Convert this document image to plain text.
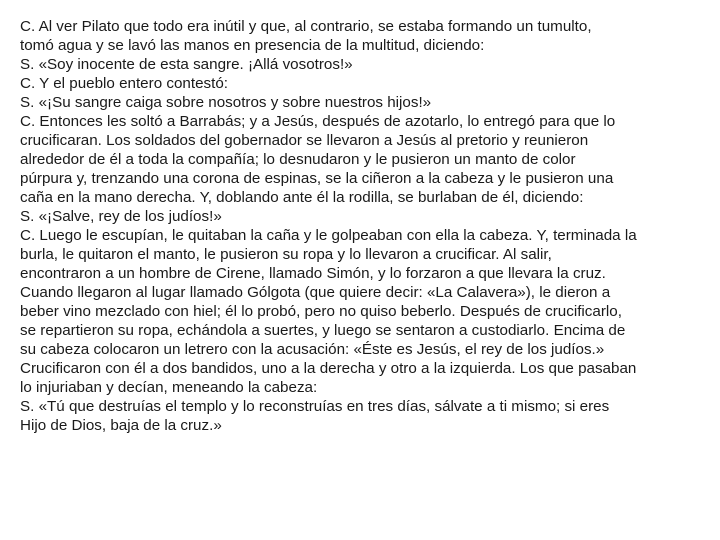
C. Al ver Pilato que todo era inútil y que, al contrario, se estaba formando un tumulto,
tomó agua y se lavó las manos en presencia de la multitud, diciendo:
S. «Soy inocente de esta sangre. ¡Allá vosotros!»
C. Y el pueblo entero contestó:
S. «¡Su sangre caiga sobre nosotros y sobre nuestros hijos!»
C. Entonces les soltó a Barrabás; y a Jesús, después de azotarlo, lo entregó para que lo
crucificaran. Los soldados del gobernador se llevaron a Jesús al pretorio y reunieron
alrededor de él a toda la compañía; lo desnudaron y le pusieron un manto de color
púrpura y, trenzando una corona de espinas, se la ciñeron a la cabeza y le pusieron una
caña en la mano derecha. Y, doblando ante él la rodilla, se burlaban de él, diciendo:
S. «¡Salve, rey de los judíos!»
C. Luego le escupían, le quitaban la caña y le golpeaban con ella la cabeza. Y, terminada la
burla, le quitaron el manto, le pusieron su ropa y lo llevaron a crucificar. Al salir,
encontraron a un hombre de Cirene, llamado Simón, y lo forzaron a que llevara la cruz.
Cuando llegaron al lugar llamado Gólgota (que quiere decir: «La Calavera»), le dieron a
beber vino mezclado con hiel; él lo probó, pero no quiso beberlo. Después de crucificarlo,
se repartieron su ropa, echándola a suertes, y luego se sentaron a custodiarlo. Encima de
su cabeza colocaron un letrero con la acusación: «Éste es Jesús, el rey de los judíos.»
Crucificaron con él a dos bandidos, uno a la derecha y otro a la izquierda. Los que pasaban
lo injuriaban y decían, meneando la cabeza:
S. «Tú que destruías el templo y lo reconstruías en tres días, sálvate a ti mismo; si eres
Hijo de Dios, baja de la cruz.»
